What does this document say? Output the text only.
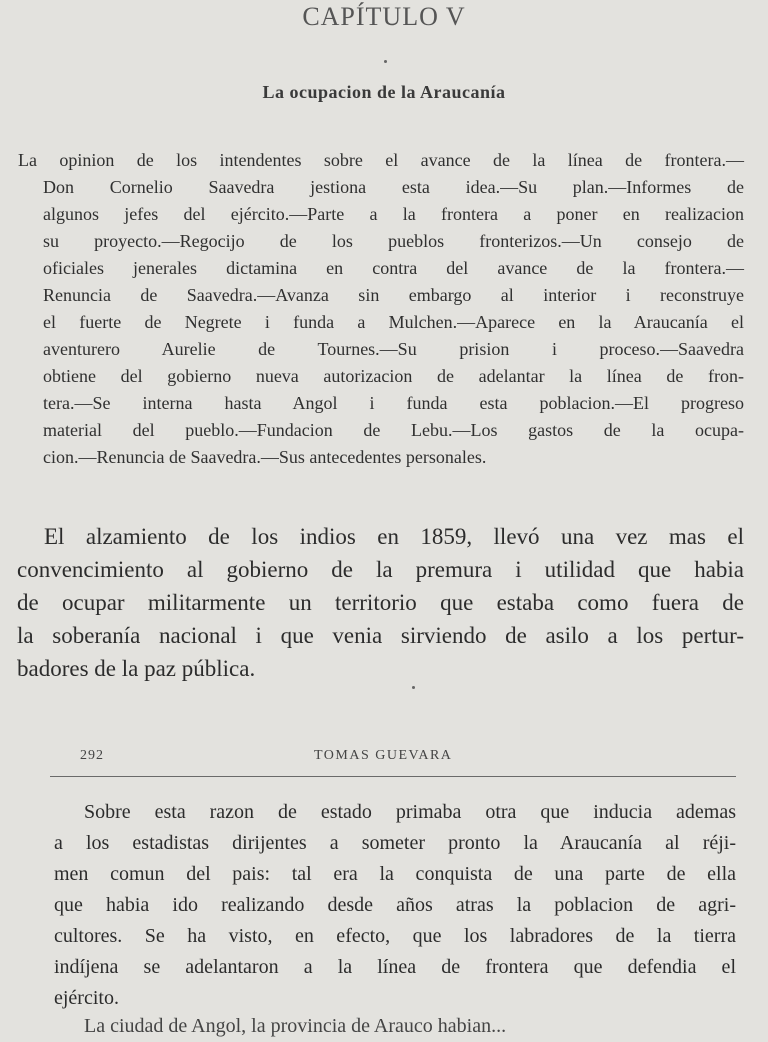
CAPÍTULO V
La ocupacion de la Araucanía
La opinion de los intendentes sobre el avance de la línea de frontera.—
Don Cornelio Saavedra jestiona esta idea.—Su plan.—Informes de
algunos jefes del ejército.—Parte a la frontera a poner en realizacion
su proyecto.—Regocijo de los pueblos fronterizos.—Un consejo de
oficiales jenerales dictamina en contra del avance de la frontera.—
Renuncia de Saavedra.—Avanza sin embargo al interior i reconstruye
el fuerte de Negrete i funda a Mulchen.—Aparece en la Araucanía el
aventurero Aurelie de Tournes.—Su prision i proceso.—Saavedra
obtiene del gobierno nueva autorizacion de adelantar la línea de fron-
tera.—Se interna hasta Angol i funda esta poblacion.—El progreso
material del pueblo.—Fundacion de Lebu.—Los gastos de la ocupa-
cion.—Renuncia de Saavedra.—Sus antecedentes personales.
El alzamiento de los indios en 1859, llevó una vez mas el
convencimiento al gobierno de la premura i utilidad que habia
de ocupar militarmente un territorio que estaba como fuera de
la soberanía nacional i que venia sirviendo de asilo a los pertur-
badores de la paz pública.
292	TOMAS GUEVARA
Sobre esta razon de estado primaba otra que inducia ademas
a los estadistas dirijentes a someter pronto la Araucanía al réji-
men comun del pais: tal era la conquista de una parte de ella
que habia ido realizando desde años atras la poblacion de agri-
cultores. Se ha visto, en efecto, que los labradores de la tierra
indíjena se adelantaron a la línea de frontera que defendia el
ejército.
La ciudad de Angol, la provincia de Arauco habian...
